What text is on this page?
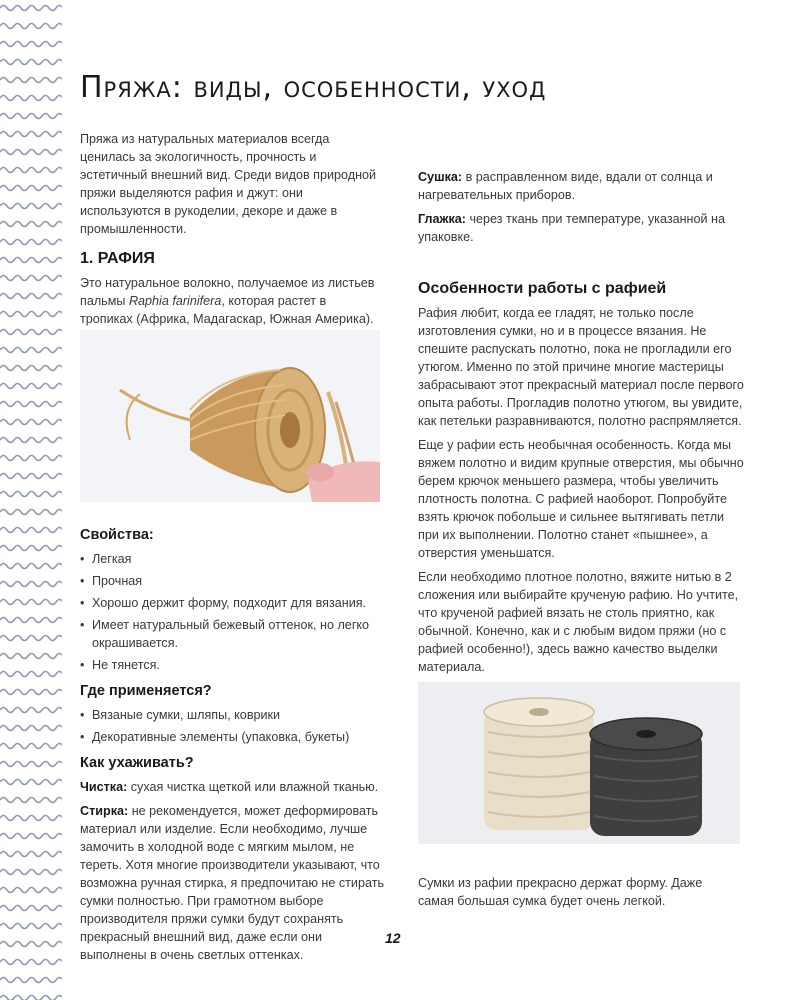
Пряжа: виды, особенности, уход

Пряжа из натуральных материалов всегда ценилась за экологичность, прочность и эстетичный внешний вид. Среди видов природной пряжи выделяются рафия и джут: они используются в рукоделии, декоре и даже в промышленности.

1. РАФИЯ

Это натуральное волокно, получаемое из листьев пальмы Raphia farinifera, которая растет в тропиках (Африка, Мадагаскар, Южная Америка).

Свойства:
• Легкая
• Прочная
• Хорошо держит форму, подходит для вязания.
• Имеет натуральный бежевый оттенок, но легко окрашивается.
• Не тянется.
Где применяется?
• Вязаные сумки, шляпы, коврики
• Декоративные элементы (упаковка, букеты)
Как ухаживать?

Чистка: сухая чистка щеткой или влажной тканью.

Стирка: не рекомендуется, может деформировать материал или изделие. Если необходимо, лучше замочить в холодной воде с мягким мылом, не тереть. Хотя многие производители указывают, что возможна ручная стирка, я предпочитаю не стирать сумки полностью. При грамотном выборе производителя пряжи сумки будут сохранять прекрасный внешний вид, даже если они выполнены в очень светлых оттенках.

Сушка: в расправленном виде, вдали от солнца и нагревательных приборов.

Глажка: через ткань при температуре, указанной на упаковке.

Особенности работы с рафией

Рафия любит, когда ее гладят, не только после изготовления сумки, но и в процессе вязания. Не спешите распускать полотно, пока не прогладили его утюгом. Именно по этой причине многие мастерицы забрасывают этот прекрасный материал после первого опыта работы. Прогладив полотно утюгом, вы увидите, как петельки разравниваются, полотно распрямляется.

Еще у рафии есть необычная особенность. Когда мы вяжем полотно и видим крупные отверстия, мы обычно берем крючок меньшего размера, чтобы увеличить плотность полотна. С рафией наоборот. Попробуйте взять крючок побольше и сильнее вытягивать петли при их выполнении. Полотно станет «пышнее», а отверстия уменьшатся.

Если необходимо плотное полотно, вяжите нитью в 2 сложения или выбирайте крученую рафию. Но учтите, что крученой рафией вязать не столь приятно, как обычной. Конечно, как и с любым видом пряжи (но с рафией особенно!), здесь важно качество выделки материала.

Сумки из рафии прекрасно держат форму. Даже самая большая сумка будет очень легкой.
12
